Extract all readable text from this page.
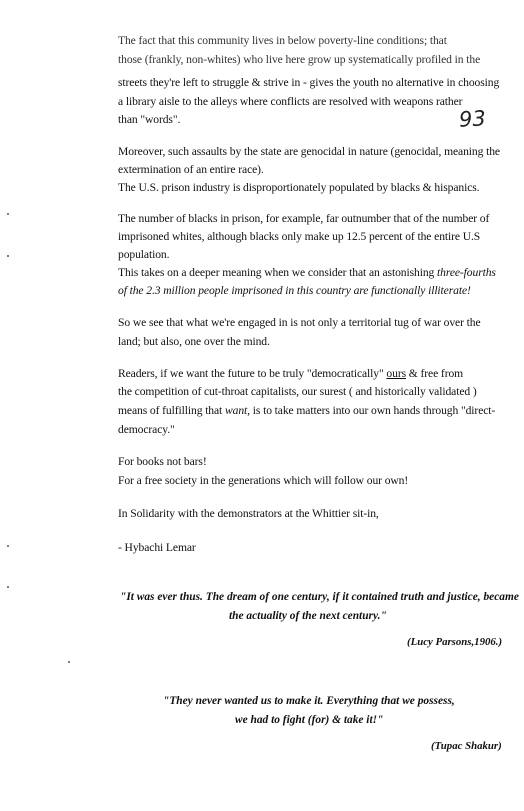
The fact that this community lives in below poverty-line conditions; that
those (frankly, non-whites) who live here grow up systematically profiled in the
streets they're left to struggle & strive in - gives the youth no alternative in choosing
a library aisle to the alleys where conflicts are resolved with weapons rather
than "words".	93
Moreover, such assaults by the state are genocidal in nature (genocidal, meaning the
extermination of an entire race).
The U.S. prison industry is disproportionately populated by blacks & hispanics.
The number of blacks in prison, for example, far outnumber that of the number of
imprisoned whites, although blacks only make up 12.5 percent of the entire U.S
population.
This takes on a deeper meaning when we consider that an astonishing three-fourths
of the 2.3 million people imprisoned in this country are functionally illiterate!
So we see that what we're engaged in is not only a territorial tug of war over the
land; but also, one over the mind.
Readers, if we want the future to be truly "democratically" ours & free from
the competition of cut-throat capitalists, our surest ( and historically validated )
means of fulfilling that want, is to take matters into our own hands through "direct-
democracy."
For books not bars!
For a free society in the generations which will follow our own!
In Solidarity with the demonstrators at the Whittier sit-in,
- Hybachi Lemar
"It was ever thus. The dream of one century, if it contained truth and justice, became
the actuality of the next century."
(Lucy Parsons,1906.)
"They never wanted us to make it. Everything that we possess,
we had to fight (for) & take it!"
(Tupac Shakur)
